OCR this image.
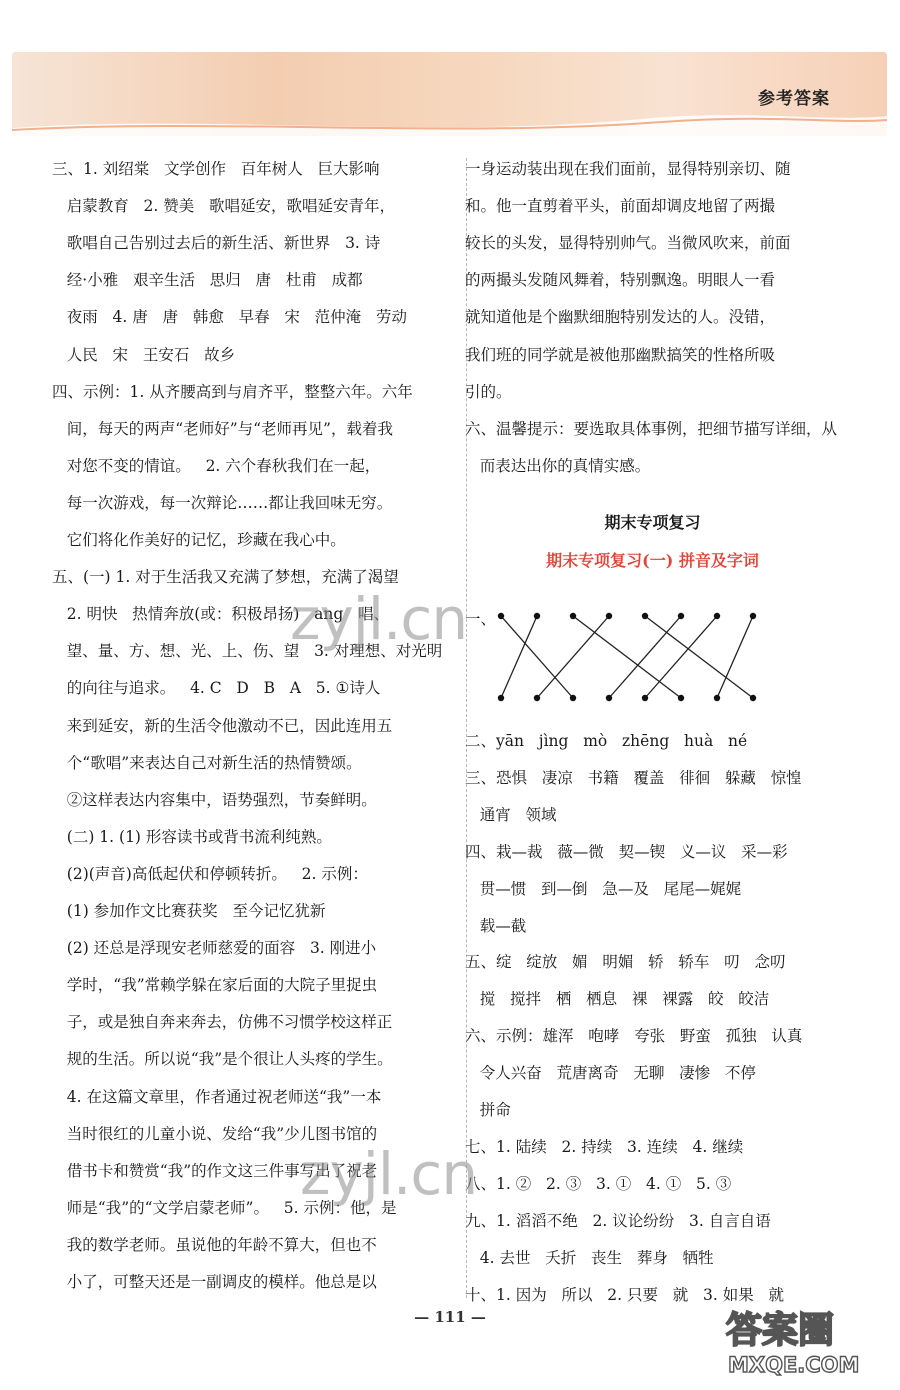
参考答案
三、1. 刘绍棠   文学创作   百年树人   巨大影响
启蒙教育   2. 赞美   歌唱延安，歌唱延安青年，
歌唱自己告别过去后的新生活、新世界   3. 诗
经·小雅   艰辛生活   思归   唐   杜甫   成都
夜雨   4. 唐   唐   韩愈   早春   宋   范仲淹   劳动
人民   宋   王安石   故乡
四、示例：1. 从齐腰高到与肩齐平，整整六年。六年
间，每天的两声“老师好”与“老师再见”，载着我
对您不变的情谊。   2. 六个春秋我们在一起，
每一次游戏，每一次辩论……都让我回味无穷。
它们将化作美好的记忆，珍藏在我心中。
五、(一) 1. 对于生活我又充满了梦想，充满了渴望
2. 明快   热情奔放(或：积极昂扬)   ang   唱、
望、量、方、想、光、上、伤、望   3. 对理想、对光明
的向往与追求。   4. C   D   B   A   5. ①诗人
来到延安，新的生活令他激动不已，因此连用五
个“歌唱”来表达自己对新生活的热情赞颂。
②这样表达内容集中，语势强烈，节奏鲜明。
(二) 1. (1) 形容读书或背书流利纯熟。
(2)(声音)高低起伏和停顿转折。   2. 示例：
(1) 参加作文比赛获奖   至今记忆犹新
(2) 还总是浮现安老师慈爱的面容   3. 刚进小
学时，“我”常赖学躲在家后面的大院子里捉虫
子，或是独自奔来奔去，仿佛不习惯学校这样正
规的生活。所以说“我”是个很让人头疼的学生。
4. 在这篇文章里，作者通过祝老师送“我”一本
当时很红的儿童小说、发给“我”少儿图书馆的
借书卡和赞赏“我”的作文这三件事写出了祝老
师是“我”的“文学启蒙老师”。   5. 示例：他，是
我的数学老师。虽说他的年龄不算大，但也不
小了，可整天还是一副调皮的模样。他总是以
期末专项复习
期末专项复习(一) 拼音及字词
一身运动装出现在我们面前，显得特别亲切、随
和。他一直剪着平头，前面却调皮地留了两撮
较长的头发，显得特别帅气。当微风吹来，前面
的两撮头发随风舞着，特别飘逸。明眼人一看
就知道他是个幽默细胞特别发达的人。没错，
我们班的同学就是被他那幽默搞笑的性格所吸
引的。
六、温馨提示：要选取具体事例，把细节描写详细，从
而表达出你的真情实感。
二、yān   jìng   mò   zhēng   huà   né
三、恐惧   凄凉   书籍   覆盖   徘徊   躲藏   惊惶
通宵   领域
四、栽—裁   薇—微   契—锲   义—议   采—彩
贯—惯   到—倒   急—及   尾尾—娓娓
载—截
五、绽   绽放   媚   明媚   轿   轿车   叨   念叨
搅   搅拌   栖   栖息   裸   裸露   皎   皎洁
六、示例：雄浑   咆哮   夸张   野蛮   孤独   认真
令人兴奋   荒唐离奇   无聊   凄惨   不停
拼命
七、1. 陆续   2. 持续   3. 连续   4. 继续
八、1. ②   2. ③   3. ①   4. ①   5. ③
九、1. 滔滔不绝   2. 议论纷纷   3. 自言自语
4. 去世   夭折   丧生   葬身   牺牲
十、1. 因为   所以   2. 只要   就   3. 如果   就
一、
— 111 —
zyjl.cn
zyjl.cn
答案圈
MXQE.COM
